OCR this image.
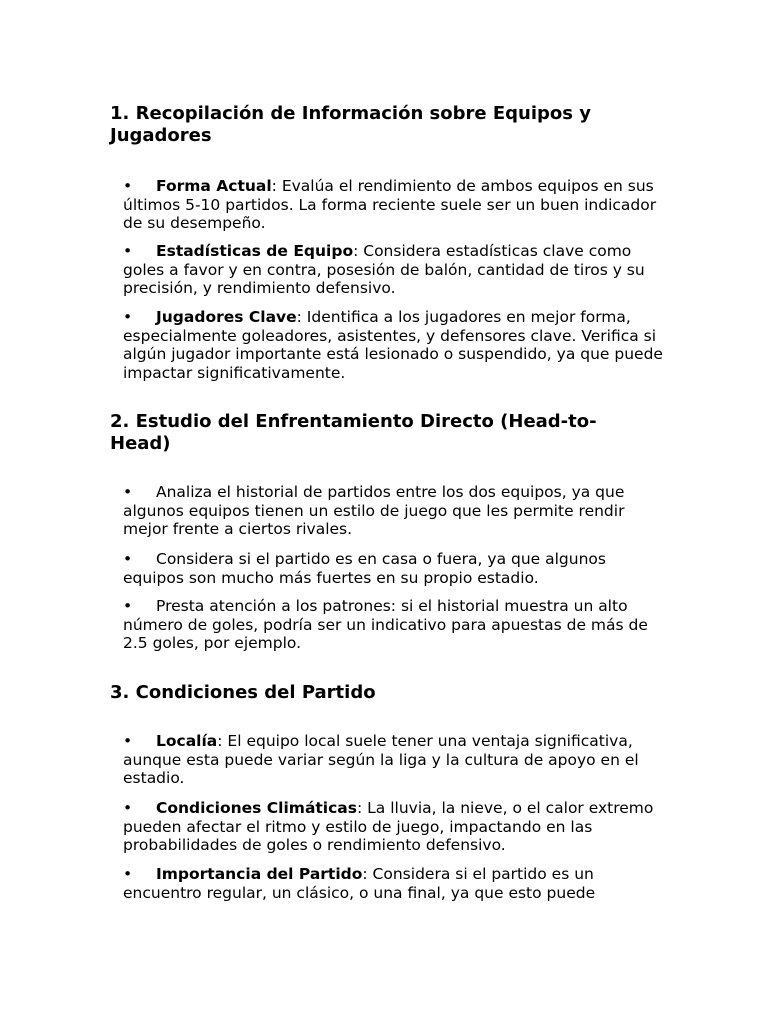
1. Recopilación de Información sobre Equipos y Jugadores

• Forma Actual: Evalúa el rendimiento de ambos equipos en sus últimos 5-10 partidos. La forma reciente suele ser un buen indicador de su desempeño.

• Estadísticas de Equipo: Considera estadísticas clave como goles a favor y en contra, posesión de balón, cantidad de tiros y su precisión, y rendimiento defensivo.

• Jugadores Clave: Identifica a los jugadores en mejor forma, especialmente goleadores, asistentes, y defensores clave. Verifica si algún jugador importante está lesionado o suspendido, ya que puede impactar significativamente.

2. Estudio del Enfrentamiento Directo (Head-to-Head)

• Analiza el historial de partidos entre los dos equipos, ya que algunos equipos tienen un estilo de juego que les permite rendir mejor frente a ciertos rivales.

• Considera si el partido es en casa o fuera, ya que algunos equipos son mucho más fuertes en su propio estadio.

• Presta atención a los patrones: si el historial muestra un alto número de goles, podría ser un indicativo para apuestas de más de 2.5 goles, por ejemplo.

3. Condiciones del Partido

• Localía: El equipo local suele tener una ventaja significativa, aunque esta puede variar según la liga y la cultura de apoyo en el estadio.

• Condiciones Climáticas: La lluvia, la nieve, o el calor extremo pueden afectar el ritmo y estilo de juego, impactando en las probabilidades de goles o rendimiento defensivo.

• Importancia del Partido: Considera si el partido es un encuentro regular, un clásico, o una final, ya que esto puede
